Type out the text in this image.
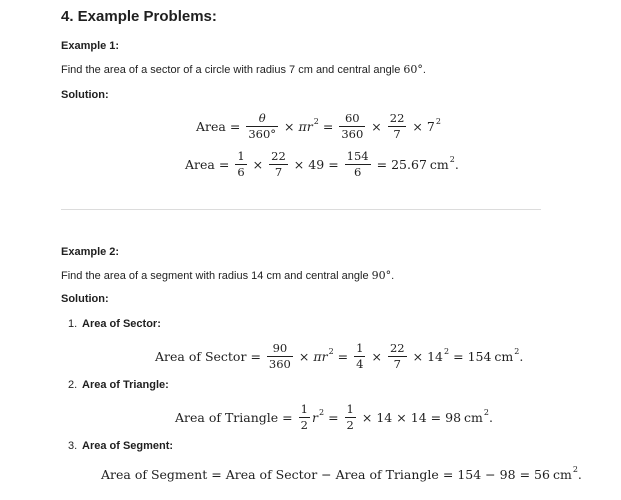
4. Example Problems:
Example 1:
Find the area of a sector of a circle with radius 7 cm and central angle 60°.
Solution:
Area = $\frac{\theta}{360^\circ} \times \pi r$ $2 = \frac{60}{360} \times \frac{22}{7} \times 7$ 2
Area = $\frac{1}{6} \times \frac{22}{7} \times 49 = \frac{154}{6} = 25.67$ cm 2 .
Example 2:
Find the area of a segment with radius 14 cm and central angle 90°.
Solution:
1. Area of Sector:
Area of Sector = $\frac{90}{360} \times \pi r$ $2 = \frac{1}{4} \times \frac{22}{7} \times 14$ 2 = 154 cm 2 .
2. Area of Triangle:
Area of Triangle = $\frac{1}{2}$ r $2 = \frac{1}{2} \times 14 \times 14 = 98$ cm 2 .
3. Area of Segment:
Area of Segment = Area of Sector − Area of Triangle = 154 − 98 = 56 cm 2 .
